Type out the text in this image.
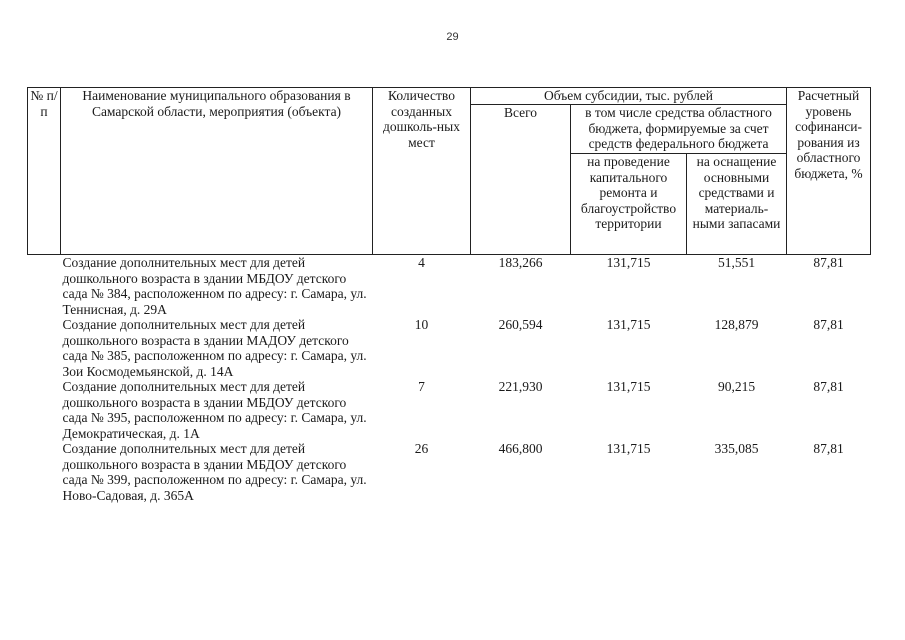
29
№ п/п	Наименование муниципального образования в Самарской области, мероприятия (объекта)	Количество созданных дошколь-ных мест	Объем субсидии, тыс. рублей			Расчетный уровень софинанси-рования из областного бюджета, %
			Всего	в том числе средства областного бюджета, формируемые за счет средств федерального бюджета		
				на проведение капитального ремонта и благоустройство территории	на оснащение основными средствами и материаль-ными запасами	
	Создание дополнительных мест для детей дошкольного возраста в здании МБДОУ детского сада № 384, расположенном по адресу: г. Самара, ул. Теннисная, д. 29А	4	183,266	131,715	51,551	87,81
	Создание дополнительных мест для детей дошкольного возраста в здании МАДОУ детского сада № 385, расположенном по адресу: г. Самара, ул. Зои Космодемьянской, д. 14А	10	260,594	131,715	128,879	87,81
	Создание дополнительных мест для детей дошкольного возраста в здании МБДОУ детского сада № 395, расположенном по адресу: г. Самара, ул. Демократическая, д. 1А	7	221,930	131,715	90,215	87,81
	Создание дополнительных мест для детей дошкольного возраста в здании МБДОУ детского сада № 399, расположенном по адресу: г. Самара, ул. Ново-Садовая, д. 365А	26	466,800	131,715	335,085	87,81
